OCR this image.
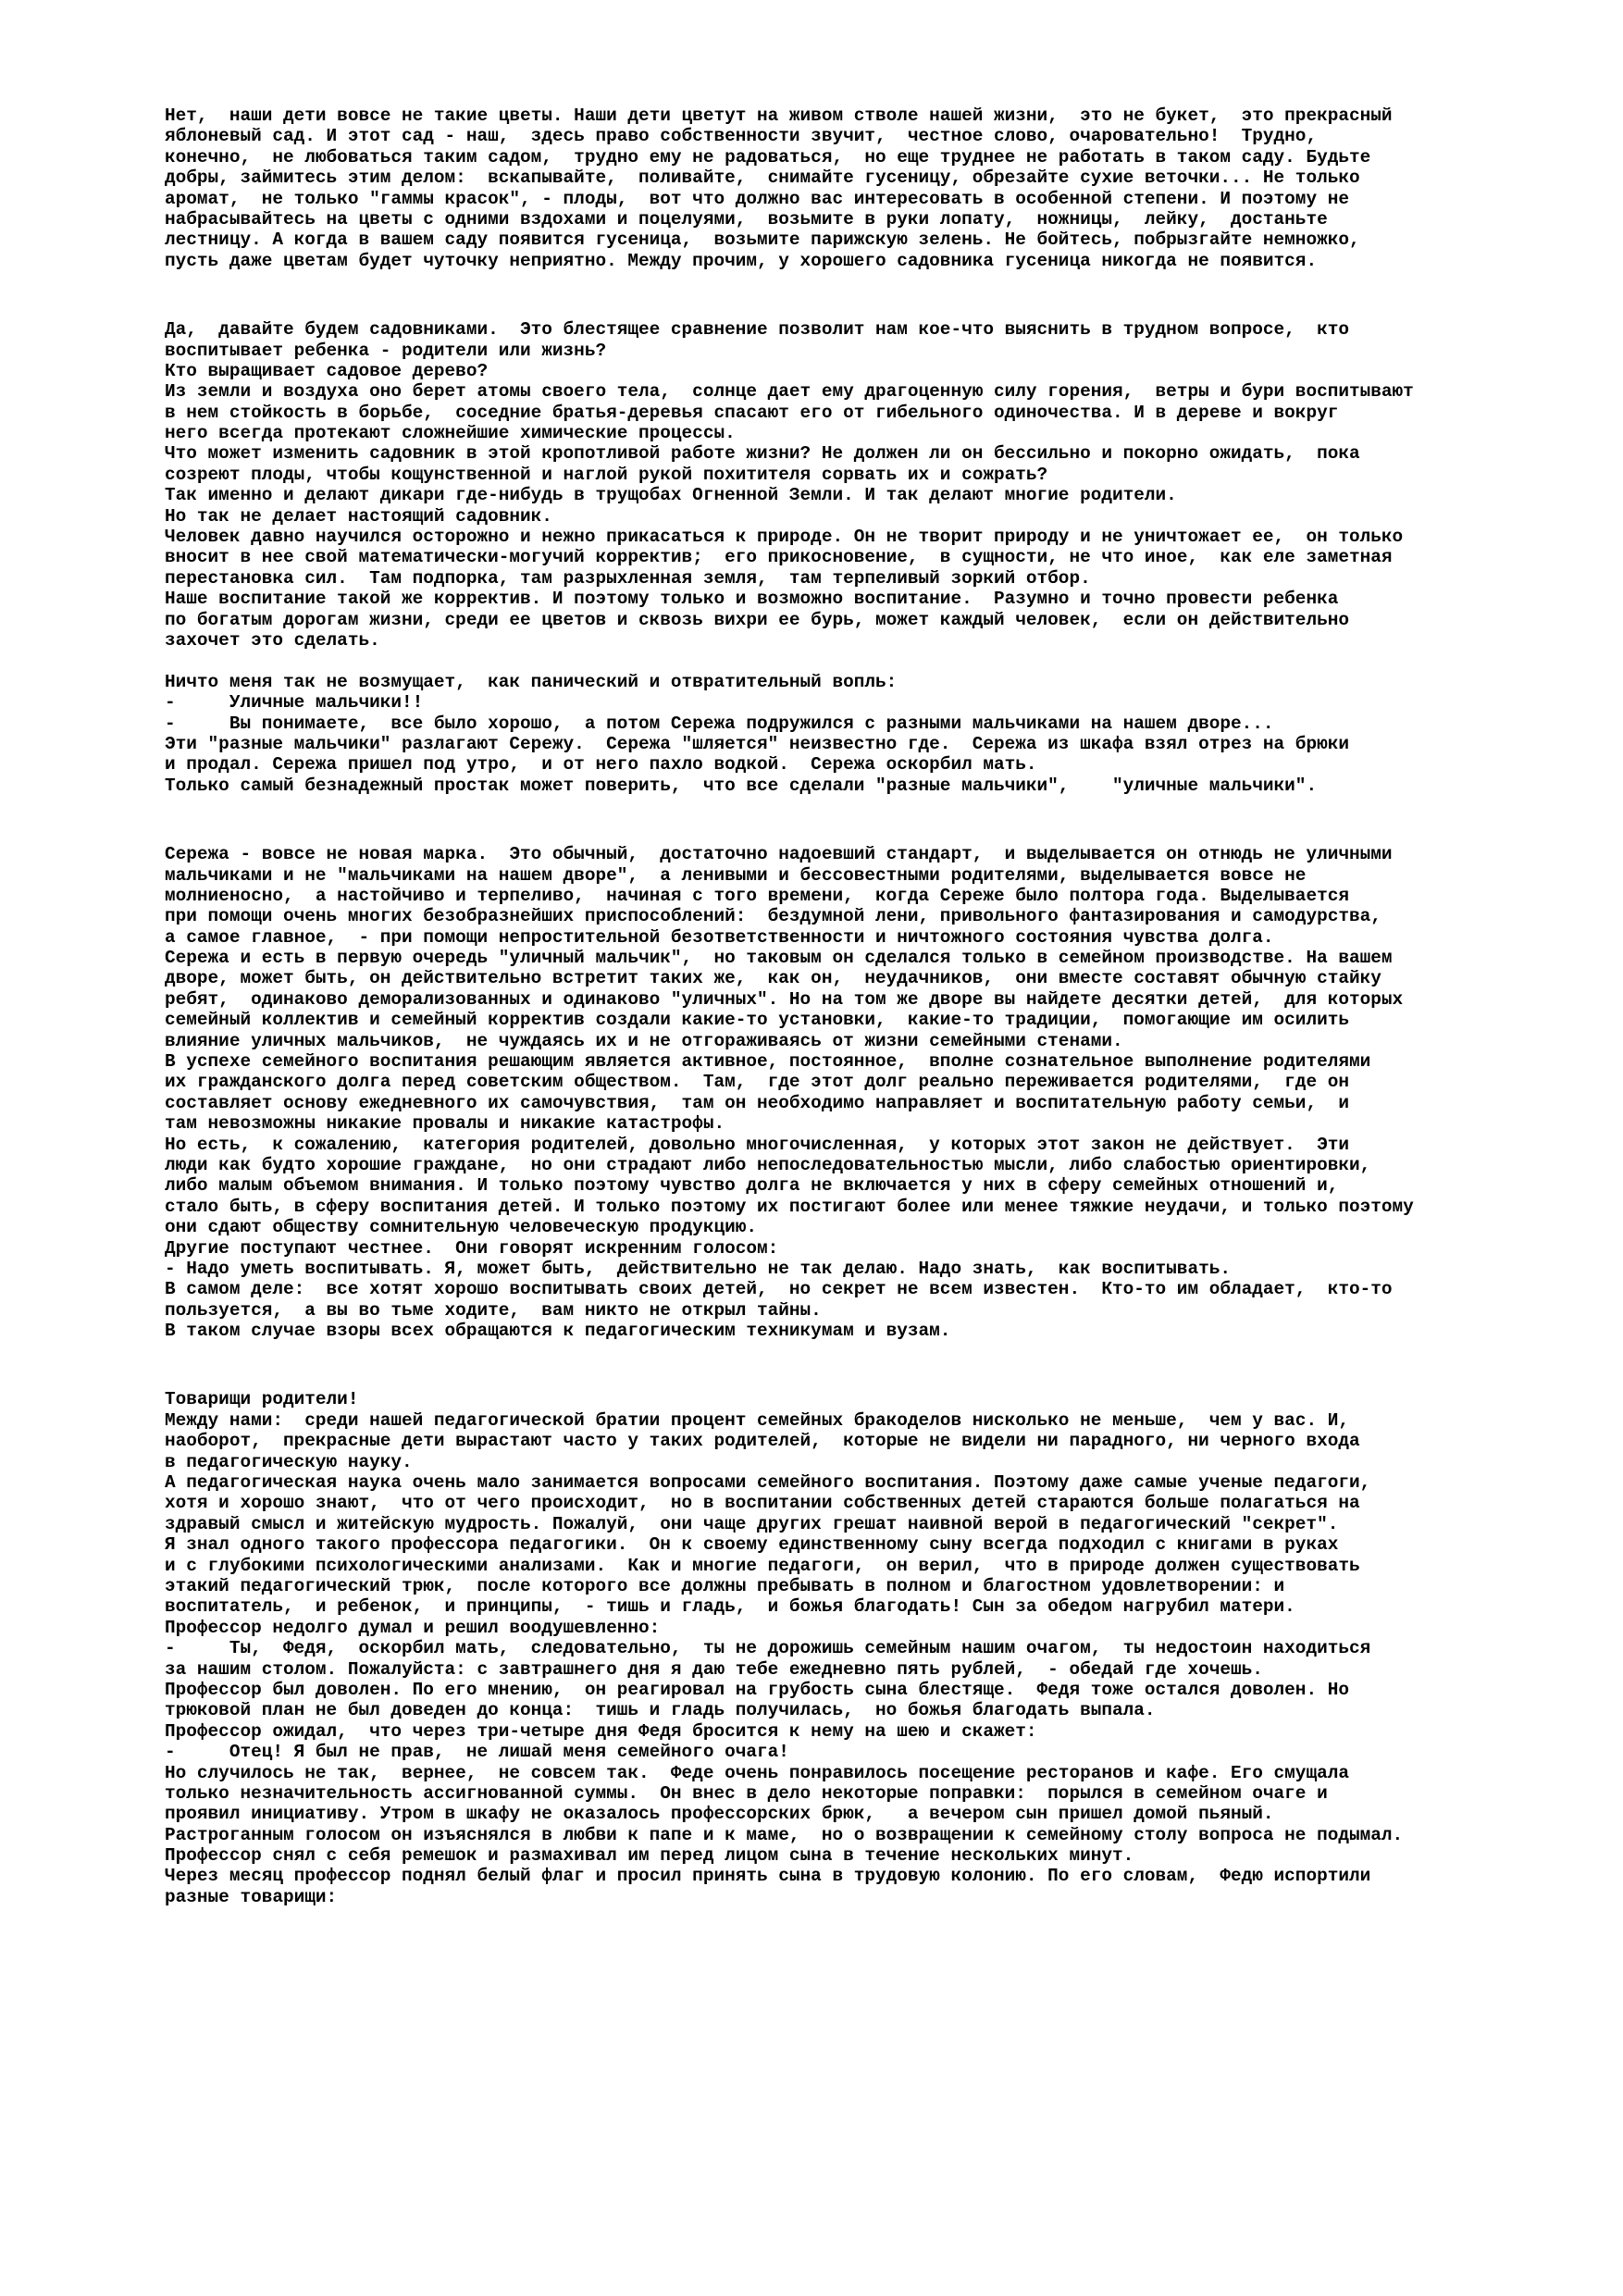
Нет,  наши дети вовсе не такие цветы. Наши дети цветут на живом стволе нашей жизни,  это не букет,  это прекрасный
яблоневый сад. И этот сад - наш,  здесь право собственности звучит,  честное слово, очаровательно!  Трудно,
конечно,  не любоваться таким садом,  трудно ему не радоваться,  но еще труднее не работать в таком саду. Будьте
добры, займитесь этим делом:  вскапывайте,  поливайте,  снимайте гусеницу, обрезайте сухие веточки... Не только
аромат,  не только "гаммы красок", - плоды,  вот что должно вас интересовать в особенной степени. И поэтому не
набрасывайтесь на цветы с одними вздохами и поцелуями,  возьмите в руки лопату,  ножницы,  лейку,  достаньте
лестницу. А когда в вашем саду появится гусеница,  возьмите парижскую зелень. Не бойтесь, побрызгайте немножко,
пусть даже цветам будет чуточку неприятно. Между прочим, у хорошего садовника гусеница никогда не появится.
Да,  давайте будем садовниками.  Это блестящее сравнение позволит нам кое-что выяснить в трудном вопросе,  кто
воспитывает ребенка - родители или жизнь?
Кто выращивает садовое дерево?
Из земли и воздуха оно берет атомы своего тела,  солнце дает ему драгоценную силу горения,  ветры и бури воспитывают
в нем стойкость в борьбе,  соседние братья-деревья спасают его от гибельного одиночества. И в дереве и вокруг
него всегда протекают сложнейшие химические процессы.
Что может изменить садовник в этой кропотливой работе жизни? Не должен ли он бессильно и покорно ожидать,  пока
созреют плоды, чтобы кощунственной и наглой рукой похитителя сорвать их и сожрать?
Так именно и делают дикари где-нибудь в трущобах Огненной Земли. И так делают многие родители.
Но так не делает настоящий садовник.
Человек давно научился осторожно и нежно прикасаться к природе. Он не творит природу и не уничтожает ее,  он только
вносит в нее свой математически-могучий корректив;  его прикосновение,  в сущности, не что иное,  как еле заметная
перестановка сил.  Там подпорка, там разрыхленная земля,  там терпеливый зоркий отбор.
Наше воспитание такой же корректив. И поэтому только и возможно воспитание.  Разумно и точно провести ребенка
по богатым дорогам жизни, среди ее цветов и сквозь вихри ее бурь, может каждый человек,  если он действительно
захочет это сделать.
Ничто меня так не возмущает,  как панический и отвратительный вопль:
-     Уличные мальчики!!
-     Вы понимаете,  все было хорошо,  а потом Сережа подружился с разными мальчиками на нашем дворе...
Эти "разные мальчики" разлагают Сережу.  Сережа "шляется" неизвестно где.  Сережа из шкафа взял отрез на брюки
и продал. Сережа пришел под утро,  и от него пахло водкой.  Сережа оскорбил мать.
Только самый безнадежный простак может поверить,  что все сделали "разные мальчики",    "уличные мальчики".
Сережа - вовсе не новая марка.  Это обычный,  достаточно надоевший стандарт,  и выделывается он отнюдь не уличными
мальчиками и не "мальчиками на нашем дворе",  а ленивыми и бессовестными родителями, выделывается вовсе не
молниеносно,  а настойчиво и терпеливо,  начиная с того времени,  когда Сереже было полтора года. Выделывается
при помощи очень многих безобразнейших приспособлений:  бездумной лени, привольного фантазирования и самодурства,
а самое главное,  - при помощи непростительной безответственности и ничтожного состояния чувства долга.
Сережа и есть в первую очередь "уличный мальчик",  но таковым он сделался только в семейном производстве. На вашем
дворе, может быть, он действительно встретит таких же,  как он,  неудачников,  они вместе составят обычную стайку
ребят,  одинаково деморализованных и одинаково "уличных". Но на том же дворе вы найдете десятки детей,  для которых
семейный коллектив и семейный корректив создали какие-то установки,  какие-то традиции,  помогающие им осилить
влияние уличных мальчиков,  не чуждаясь их и не отгораживаясь от жизни семейными стенами.
В успехе семейного воспитания решающим является активное, постоянное,  вполне сознательное выполнение родителями
их гражданского долга перед советским обществом.  Там,  где этот долг реально переживается родителями,  где он
составляет основу ежедневного их самочувствия,  там он необходимо направляет и воспитательную работу семьи,  и
там невозможны никакие провалы и никакие катастрофы.
Но есть,  к сожалению,  категория родителей, довольно многочисленная,  у которых этот закон не действует.  Эти
люди как будто хорошие граждане,  но они страдают либо непоследовательностью мысли, либо слабостью ориентировки,
либо малым объемом внимания. И только поэтому чувство долга не включается у них в сферу семейных отношений и,
стало быть, в сферу воспитания детей. И только поэтому их постигают более или менее тяжкие неудачи, и только поэтому
они сдают обществу сомнительную человеческую продукцию.
Другие поступают честнее.  Они говорят искренним голосом:
- Надо уметь воспитывать. Я, может быть,  действительно не так делаю. Надо знать,  как воспитывать.
В самом деле:  все хотят хорошо воспитывать своих детей,  но секрет не всем известен.  Кто-то им обладает,  кто-то
пользуется,  а вы во тьме ходите,  вам никто не открыл тайны.
В таком случае взоры всех обращаются к педагогическим техникумам и вузам.
Товарищи родители!
Между нами:  среди нашей педагогической братии процент семейных бракоделов нисколько не меньше,  чем у вас. И,
наоборот,  прекрасные дети вырастают часто у таких родителей,  которые не видели ни парадного, ни черного входа
в педагогическую науку.
А педагогическая наука очень мало занимается вопросами семейного воспитания. Поэтому даже самые ученые педагоги,
хотя и хорошо знают,  что от чего происходит,  но в воспитании собственных детей стараются больше полагаться на
здравый смысл и житейскую мудрость. Пожалуй,  они чаще других грешат наивной верой в педагогический "секрет".
Я знал одного такого профессора педагогики.  Он к своему единственному сыну всегда подходил с книгами в руках
и с глубокими психологическими анализами.  Как и многие педагоги,  он верил,  что в природе должен существовать
этакий педагогический трюк,  после которого все должны пребывать в полном и благостном удовлетворении: и
воспитатель,  и ребенок,  и принципы,  - тишь и гладь,  и божья благодать! Сын за обедом нагрубил матери.
Профессор недолго думал и решил воодушевленно:
-     Ты,  Федя,  оскорбил мать,  следовательно,  ты не дорожишь семейным нашим очагом,  ты недостоин находиться
за нашим столом. Пожалуйста: с завтрашнего дня я даю тебе ежедневно пять рублей,  - обедай где хочешь.
Профессор был доволен. По его мнению,  он реагировал на грубость сына блестяще.  Федя тоже остался доволен. Но
трюковой план не был доведен до конца:  тишь и гладь получилась,  но божья благодать выпала.
Профессор ожидал,  что через три-четыре дня Федя бросится к нему на шею и скажет:
-     Отец! Я был не прав,  не лишай меня семейного очага!
Но случилось не так,  вернее,  не совсем так.  Феде очень понравилось посещение ресторанов и кафе. Его смущала
только незначительность ассигнованной суммы.  Он внес в дело некоторые поправки:  порылся в семейном очаге и
проявил инициативу. Утром в шкафу не оказалось профессорских брюк,   а вечером сын пришел домой пьяный.
Растроганным голосом он изъяснялся в любви к папе и к маме,  но о возвращении к семейному столу вопроса не подымал.
Профессор снял с себя ремешок и размахивал им перед лицом сына в течение нескольких минут.
Через месяц профессор поднял белый флаг и просил принять сына в трудовую колонию. По его словам,  Федю испортили
разные товарищи:
